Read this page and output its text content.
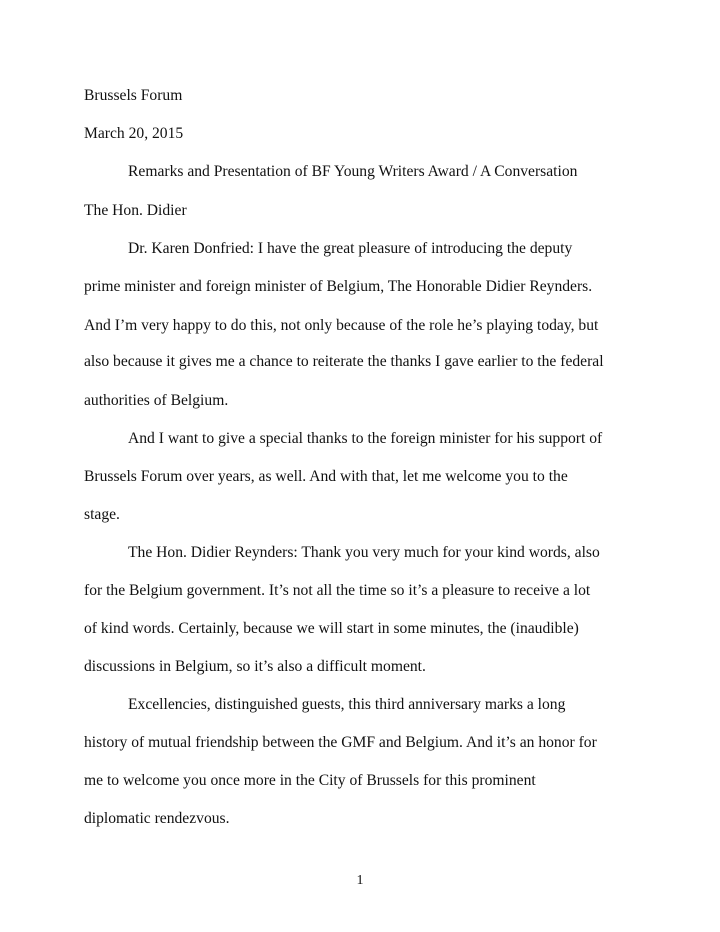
Brussels Forum
March 20, 2015
Remarks and Presentation of BF Young Writers Award / A Conversation
The Hon. Didier
Dr. Karen Donfried: I have the great pleasure of introducing the deputy
prime minister and foreign minister of Belgium, The Honorable Didier Reynders.
And I’m very happy to do this, not only because of the role he’s playing today, but
also because it gives me a chance to reiterate the thanks I gave earlier to the federal
authorities of Belgium.
And I want to give a special thanks to the foreign minister for his support of
Brussels Forum over years, as well. And with that, let me welcome you to the
stage.
The Hon. Didier Reynders: Thank you very much for your kind words, also
for the Belgium government. It’s not all the time so it’s a pleasure to receive a lot
of kind words. Certainly, because we will start in some minutes, the (inaudible)
discussions in Belgium, so it’s also a difficult moment.
Excellencies, distinguished guests, this third anniversary marks a long
history of mutual friendship between the GMF and Belgium. And it’s an honor for
me to welcome you once more in the City of Brussels for this prominent
diplomatic rendezvous.
1
